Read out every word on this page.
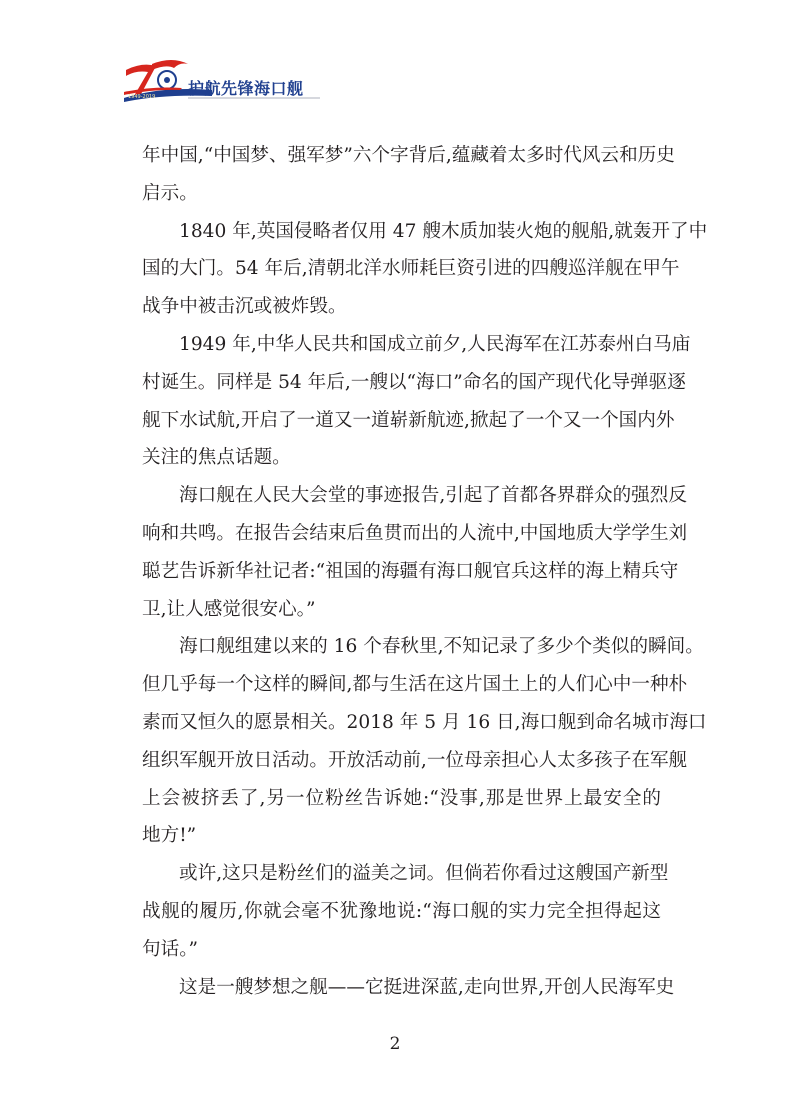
1949-2019 护航先锋海口舰
年中国,“中国梦、强军梦”六个字背后,蕴藏着太多时代风云和历史
启示。
1840 年,英国侵略者仅用 47 艘木质加装火炮的舰船,就轰开了中
国的大门。54 年后,清朝北洋水师耗巨资引进的四艘巡洋舰在甲午
战争中被击沉或被炸毁。
1949 年,中华人民共和国成立前夕,人民海军在江苏泰州白马庙
村诞生。同样是 54 年后,一艘以“海口”命名的国产现代化导弹驱逐
舰下水试航,开启了一道又一道崭新航迹,掀起了一个又一个国内外
关注的焦点话题。
海口舰在人民大会堂的事迹报告,引起了首都各界群众的强烈反
响和共鸣。在报告会结束后鱼贯而出的人流中,中国地质大学学生刘
聪艺告诉新华社记者:“祖国的海疆有海口舰官兵这样的海上精兵守
卫,让人感觉很安心。”
海口舰组建以来的 16 个春秋里,不知记录了多少个类似的瞬间。
但几乎每一个这样的瞬间,都与生活在这片国土上的人们心中一种朴
素而又恒久的愿景相关。2018 年 5 月 16 日,海口舰到命名城市海口
组织军舰开放日活动。开放活动前,一位母亲担心人太多孩子在军舰
上会被挤丢了,另一位粉丝告诉她:“没事,那是世界上最安全的
地方!”
或许,这只是粉丝们的溢美之词。但倘若你看过这艘国产新型
战舰的履历,你就会毫不犹豫地说:“海口舰的实力完全担得起这
句话。”
这是一艘梦想之舰——它挺进深蓝,走向世界,开创人民海军史
2
